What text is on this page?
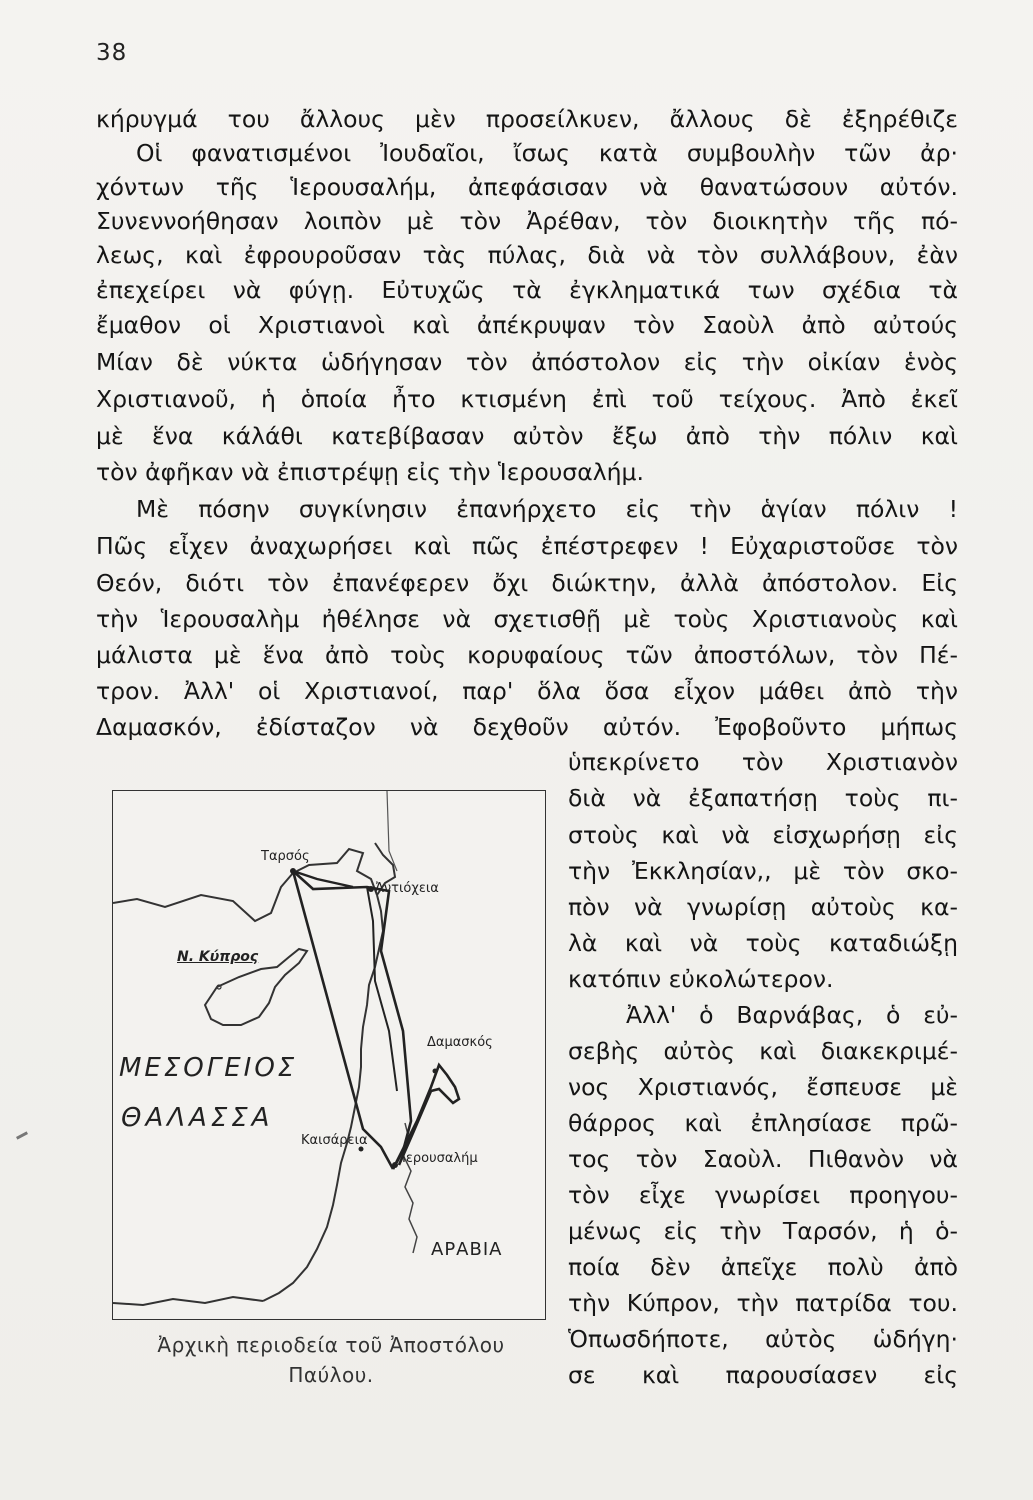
38
κήρυγμά του ἄλλους μὲν προσείλκυεν, ἄλλους δὲ ἐξηρέθιζε
Οἱ φανατισμένοι Ἰουδαῖοι, ἴσως κατὰ συμβουλὴν τῶν ἀρ·
χόντων τῆς Ἱερουσαλήμ, ἀπεφάσισαν νὰ θανατώσουν αὐτόν.
Συνεννοήθησαν λοιπὸν μὲ τὸν Ἀρέθαν, τὸν διοικητὴν τῆς πό-
λεως, καὶ ἐφρουροῦσαν τὰς πύλας, διὰ νὰ τὸν συλλάβουν, ἐὰν
ἐπεχείρει νὰ φύγῃ. Εὐτυχῶς τὰ ἐγκληματικά των σχέδια τὰ
ἔμαθον οἱ Χριστιανοὶ καὶ ἀπέκρυψαν τὸν Σαοὺλ ἀπὸ αὐτούς
Μίαν δὲ νύκτα ὡδήγησαν τὸν ἀπόστολον εἰς τὴν οἰκίαν ἑνὸς
Χριστιανοῦ, ἡ ὁποία ἦτο κτισμένη ἐπὶ τοῦ τείχους. Ἀπὸ ἐκεῖ
μὲ ἕνα κάλάθι κατεβίβασαν αὐτὸν ἔξω ἀπὸ τὴν πόλιν καὶ
τὸν ἀφῆκαν νὰ ἐπιστρέψῃ εἰς τὴν Ἱερουσαλήμ.
Μὲ πόσην συγκίνησιν ἐπανήρχετο εἰς τὴν ἁγίαν πόλιν !
Πῶς εἶχεν ἀναχωρήσει καὶ πῶς ἐπέστρεφεν ! Εὐχαριστοῦσε τὸν
Θεόν, διότι τὸν ἐπανέφερεν ὄχι διώκτην, ἀλλὰ ἀπόστολον. Εἰς
τὴν Ἱερουσαλὴμ ἠθέλησε νὰ σχετισθῇ μὲ τοὺς Χριστιανοὺς καὶ
μάλιστα μὲ ἕνα ἀπὸ τοὺς κορυφαίους τῶν ἀποστόλων, τὸν Πέ-
τρον. Ἀλλ' οἱ Χριστιανοί, παρ' ὅλα ὅσα εἶχον μάθει ἀπὸ τὴν
Δαμασκόν, ἐδίσταζον νὰ δεχθοῦν αὐτόν. Ἐφοβοῦντο μήπως
ὑπεκρίνετο τὸν Χριστιανὸν
διὰ νὰ ἐξαπατήσῃ τοὺς πι-
στοὺς καὶ νὰ εἰσχωρήσῃ εἰς
τὴν Ἐκκλησίαν,, μὲ τὸν σκο-
πὸν νὰ γνωρίσῃ αὐτοὺς κα-
λὰ καὶ νὰ τοὺς καταδιώξῃ
κατόπιν εὐκολώτερον.
Ἀλλ' ὁ Βαρνάβας, ὁ εὐ-
σεβὴς αὐτὸς καὶ διακεκριμέ-
νος Χριστιανός, ἔσπευσε μὲ
θάρρος καὶ ἐπλησίασε πρῶ-
τος τὸν Σαοὺλ. Πιθανὸν νὰ
τὸν εἶχε γνωρίσει προηγου-
μένως εἰς τὴν Ταρσόν, ἡ ὁ-
ποία δὲν ἀπεῖχε πολὺ ἀπὸ
τὴν Κύπρον, τὴν πατρίδα του.
Ὁπωσδήποτε, αὐτὸς ὡδήγη·
σε καὶ παρουσίασεν εἰς
Ταρσός
Ἀντιόχεια
Ν. Κύπρος
Δαμασκός
ΜΕΣΟΓΕΙΟΣ
ΘΑΛΑΣΣΑ
Καισάρεια
Ἱερουσαλήμ
ΑΡΑΒΙΑ
Ἀρχικὴ περιοδεία τοῦ Ἀποστόλου
Παύλου.
